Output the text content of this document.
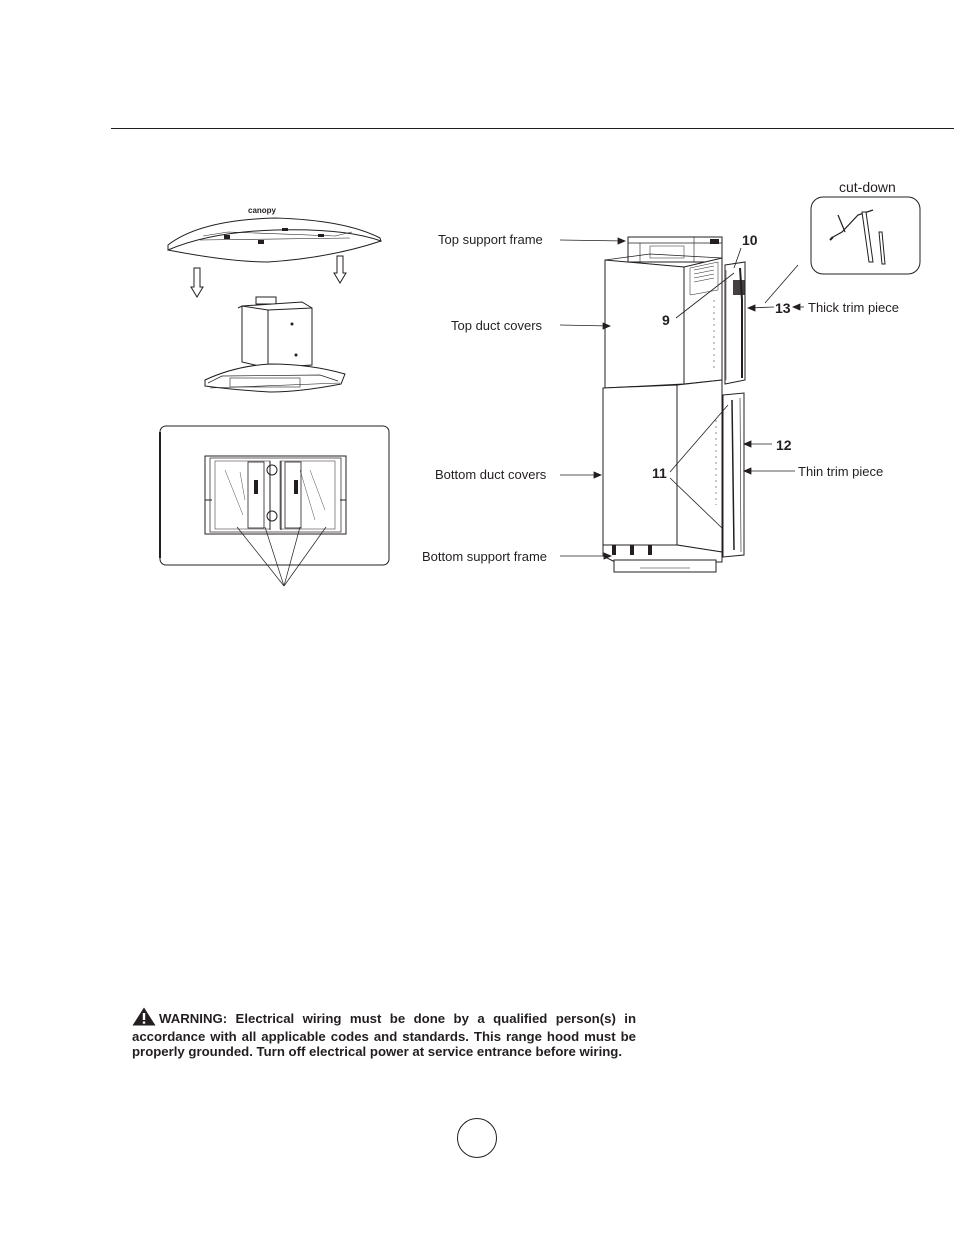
canopy
Top support frame
Top duct covers
Bottom duct covers
Bottom support frame
Thick trim piece
Thin trim piece
cut-down
9
10
11
12
13
WARNING: Electrical wiring must be done by a qualified person(s) in accordance with all applicable codes and standards. This range hood must be properly grounded. Turn off electrical power at service entrance before wiring.
